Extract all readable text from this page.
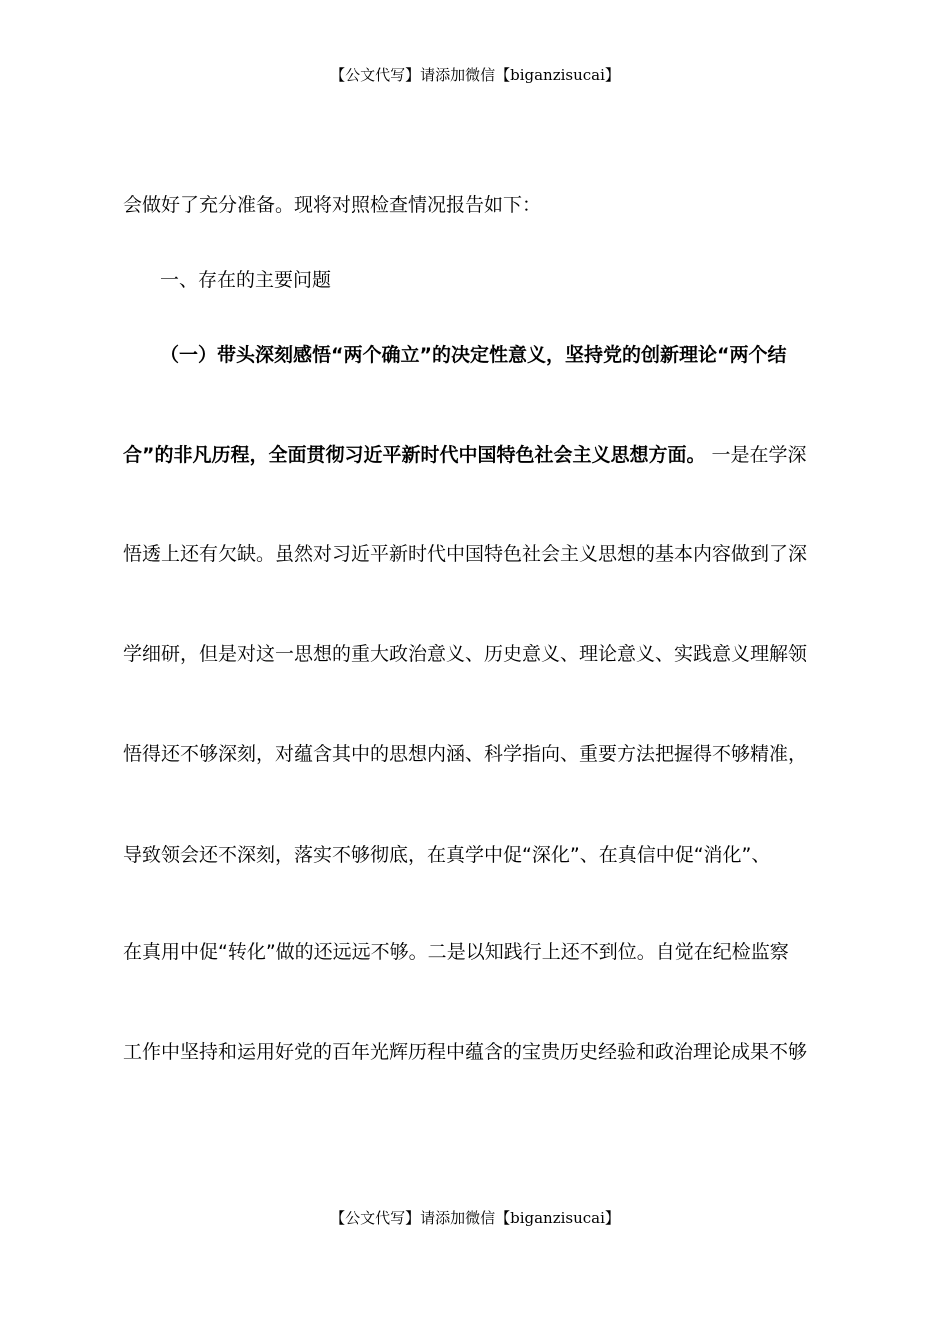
【公文代写】请添加微信【biganzisucai】
会做好了充分准备。现将对照检查情况报告如下：
一、存在的主要问题
（一）带头深刻感悟“两个确立”的决定性意义，坚持党的创新理论“两个结
合”的非凡历程，全面贯彻习近平新时代中国特色社会主义思想方面。 一是在学深
悟透上还有欠缺。虽然对习近平新时代中国特色社会主义思想的基本内容做到了深
学细研，但是对这一思想的重大政治意义、历史意义、理论意义、实践意义理解领
悟得还不够深刻，对蕴含其中的思想内涵、科学指向、重要方法把握得不够精准，
导致领会还不深刻，落实不够彻底，在真学中促“深化”、在真信中促“消化”、
在真用中促“转化”做的还远远不够。二是以知践行上还不到位。自觉在纪检监察
工作中坚持和运用好党的百年光辉历程中蕴含的宝贵历史经验和政治理论成果不够
【公文代写】请添加微信【biganzisucai】
